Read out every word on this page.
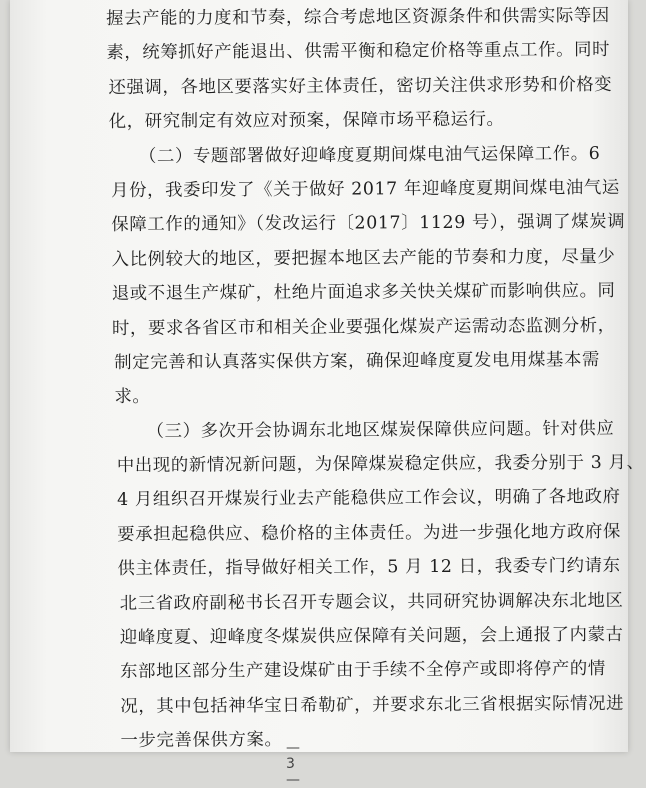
握去产能的力度和节奏，综合考虑地区资源条件和供需实际等因
素，统筹抓好产能退出、供需平衡和稳定价格等重点工作。同时
还强调，各地区要落实好主体责任，密切关注供求形势和价格变
化，研究制定有效应对预案，保障市场平稳运行。
（二）专题部署做好迎峰度夏期间煤电油气运保障工作。6
月份，我委印发了《关于做好 2017 年迎峰度夏期间煤电油气运
保障工作的通知》（发改运行〔2017〕1129 号），强调了煤炭调
入比例较大的地区，要把握本地区去产能的节奏和力度，尽量少
退或不退生产煤矿，杜绝片面追求多关快关煤矿而影响供应。同
时，要求各省区市和相关企业要强化煤炭产运需动态监测分析，
制定完善和认真落实保供方案，确保迎峰度夏发电用煤基本需
求。
（三）多次开会协调东北地区煤炭保障供应问题。针对供应
中出现的新情况新问题，为保障煤炭稳定供应，我委分别于 3 月、
4 月组织召开煤炭行业去产能稳供应工作会议，明确了各地政府
要承担起稳供应、稳价格的主体责任。为进一步强化地方政府保
供主体责任，指导做好相关工作，5 月 12 日，我委专门约请东
北三省政府副秘书长召开专题会议，共同研究协调解决东北地区
迎峰度夏、迎峰度冬煤炭供应保障有关问题，会上通报了内蒙古
东部地区部分生产建设煤矿由于手续不全停产或即将停产的情
况，其中包括神华宝日希勒矿，并要求东北三省根据实际情况进
一步完善保供方案。 — 3 —
